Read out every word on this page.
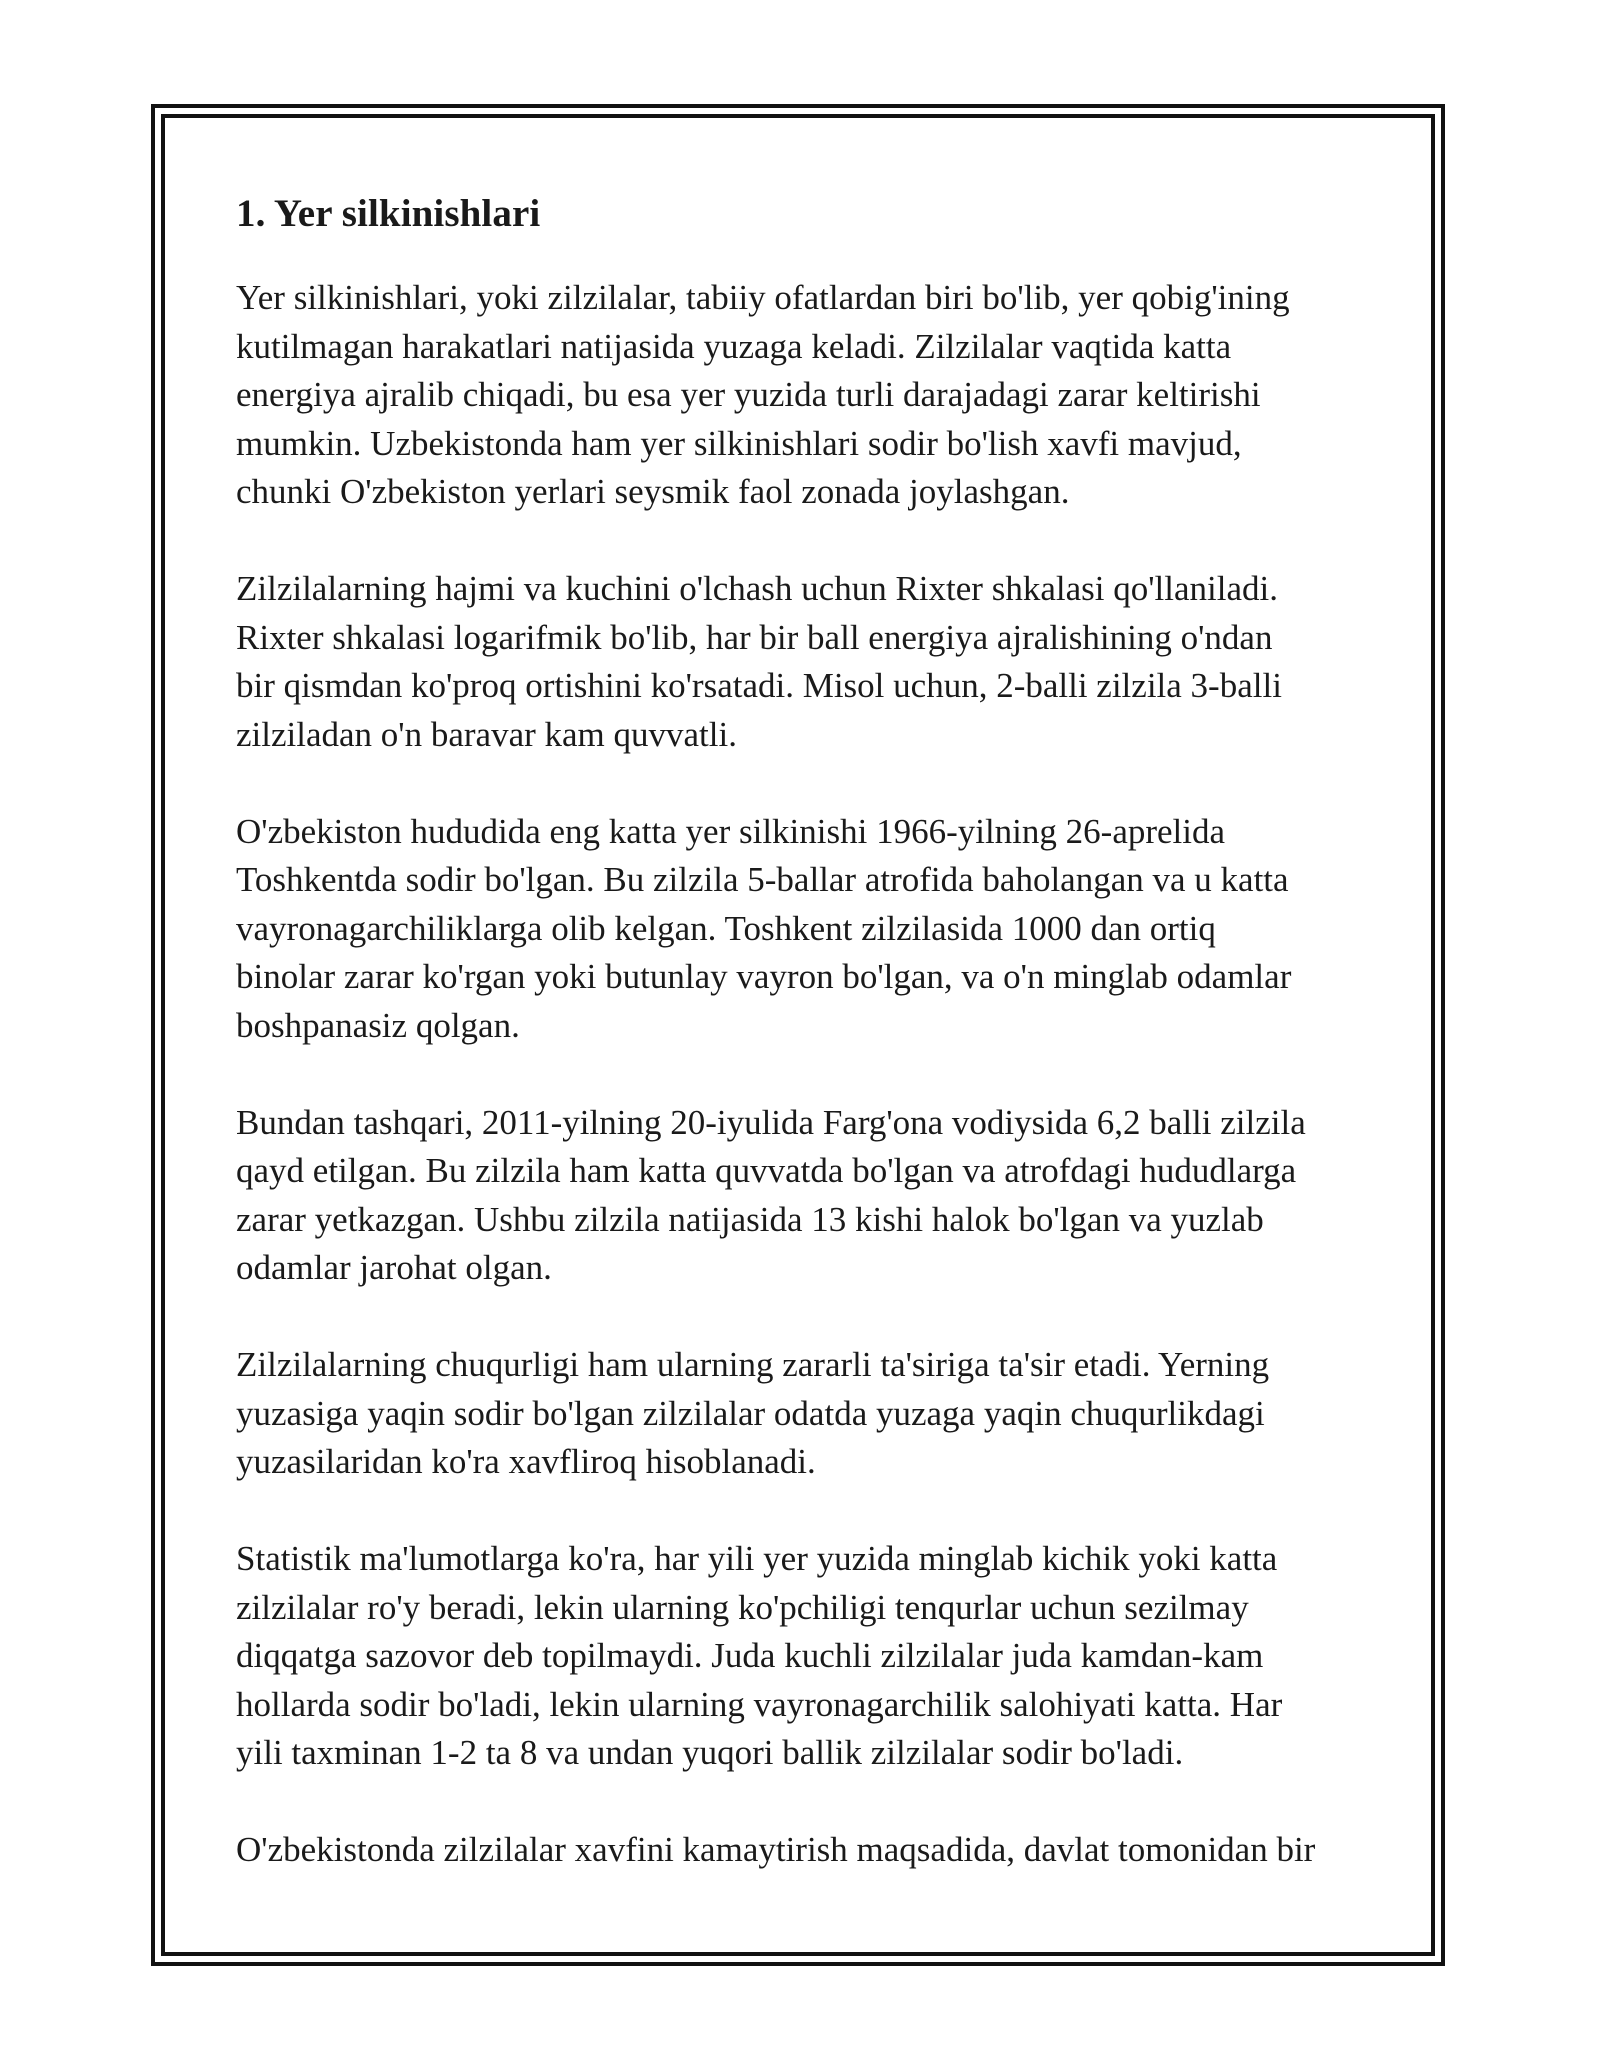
1. Yer silkinishlari

Yer silkinishlari, yoki zilzilalar, tabiiy ofatlardan biri bo'lib, yer qobig'ining
kutilmagan harakatlari natijasida yuzaga keladi. Zilzilalar vaqtida katta
energiya ajralib chiqadi, bu esa yer yuzida turli darajadagi zarar keltirishi
mumkin. Uzbekistonda ham yer silkinishlari sodir bo'lish xavfi mavjud,
chunki O'zbekiston yerlari seysmik faol zonada joylashgan.

Zilzilalarning hajmi va kuchini o'lchash uchun Rixter shkalasi qo'llaniladi.
Rixter shkalasi logarifmik bo'lib, har bir ball energiya ajralishining o'ndan
bir qismdan ko'proq ortishini ko'rsatadi. Misol uchun, 2-balli zilzila 3-balli
zilziladan o'n baravar kam quvvatli.

O'zbekiston hududida eng katta yer silkinishi 1966-yilning 26-aprelida
Toshkentda sodir bo'lgan. Bu zilzila 5-ballar atrofida baholangan va u katta
vayronagarchiliklarga olib kelgan. Toshkent zilzilasida 1000 dan ortiq
binolar zarar ko'rgan yoki butunlay vayron bo'lgan, va o'n minglab odamlar
boshpanasiz qolgan.

Bundan tashqari, 2011-yilning 20-iyulida Farg'ona vodiysida 6,2 balli zilzila
qayd etilgan. Bu zilzila ham katta quvvatda bo'lgan va atrofdagi hududlarga
zarar yetkazgan. Ushbu zilzila natijasida 13 kishi halok bo'lgan va yuzlab
odamlar jarohat olgan.

Zilzilalarning chuqurligi ham ularning zararli ta'siriga ta'sir etadi. Yerning
yuzasiga yaqin sodir bo'lgan zilzilalar odatda yuzaga yaqin chuqurlikdagi
yuzasilaridan ko'ra xavfliroq hisoblanadi.

Statistik ma'lumotlarga ko'ra, har yili yer yuzida minglab kichik yoki katta
zilzilalar ro'y beradi, lekin ularning ko'pchiligi tenqurlar uchun sezilmay
diqqatga sazovor deb topilmaydi. Juda kuchli zilzilalar juda kamdan-kam
hollarda sodir bo'ladi, lekin ularning vayronagarchilik salohiyati katta. Har
yili taxminan 1-2 ta 8 va undan yuqori ballik zilzilalar sodir bo'ladi.

O'zbekistonda zilzilalar xavfini kamaytirish maqsadida, davlat tomonidan bir
